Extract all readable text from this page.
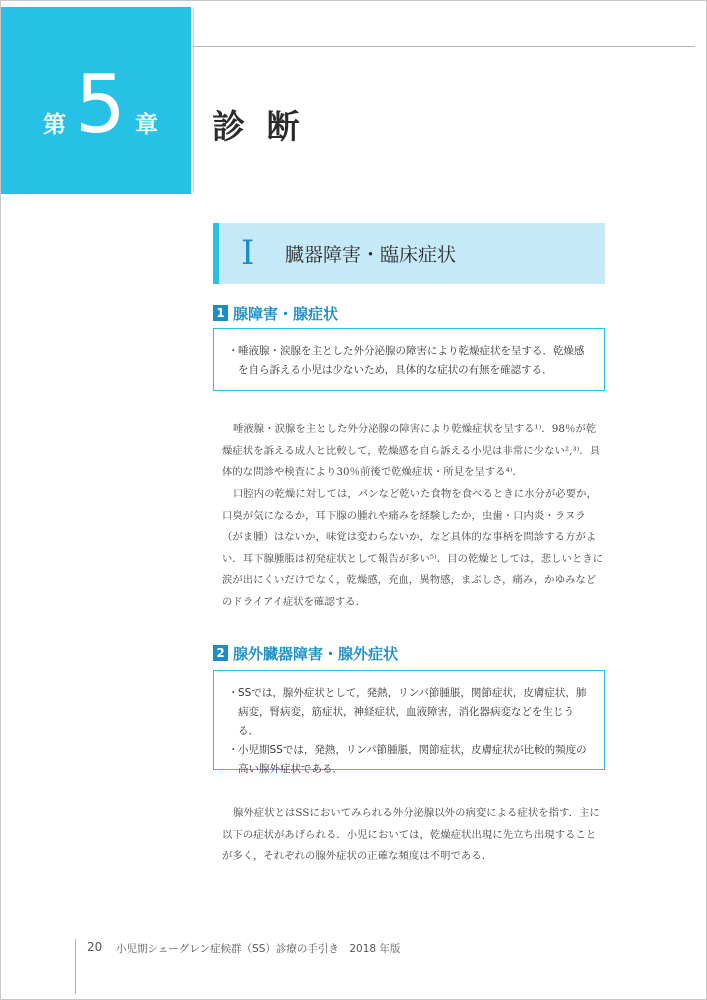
第 5 章 診 断
I 臓器障害・臨床症状
1 腺障害・腺症状
・ 唾液腺・涙腺を主とした外分泌腺の障害により乾燥症状を呈する．乾燥感を自ら訴える小児は少ないため，具体的な症状の有無を確認する．

唾液腺・涙腺を主とした外分泌腺の障害により乾燥症状を呈する¹⁾．98％が乾燥症状を訴える成人と比較して，乾燥感を自ら訴える小児は非常に少ない²,³⁾．具体的な問診や検査により30％前後で乾燥症状・所見を呈する⁴⁾．

口腔内の乾燥に対しては，パンなど乾いた食物を食べるときに水分が必要か，口臭が気になるか，耳下腺の腫れや痛みを経験したか，虫歯・口内炎・ラヌラ（がま腫）はないか，味覚は変わらないか，など具体的な事柄を問診する方がよい．耳下腺腫脹は初発症状として報告が多い⁵⁾．目の乾燥としては，悲しいときに涙が出にくいだけでなく，乾燥感，充血，異物感，まぶしさ，痛み，かゆみなどのドライアイ症状を確認する．

2 腺外臓器障害・腺外症状
・ SSでは，腺外症状として，発熱，リンパ節腫脹，関節症状，皮膚症状，肺病変，腎病変，筋症状，神経症状，血液障害，消化器病変などを生じうる．
・ 小児期SSでは，発熱，リンパ節腫脹，関節症状，皮膚症状が比較的頻度の高い腺外症状である．

腺外症状とはSSにおいてみられる外分泌腺以外の病変による症状を指す．主に以下の症状があげられる．小児においては，乾燥症状出現に先立ち出現することが多く，それぞれの腺外症状の正確な頻度は不明である．

20 小児期シェーグレン症候群（SS）診療の手引き　2018 年版
